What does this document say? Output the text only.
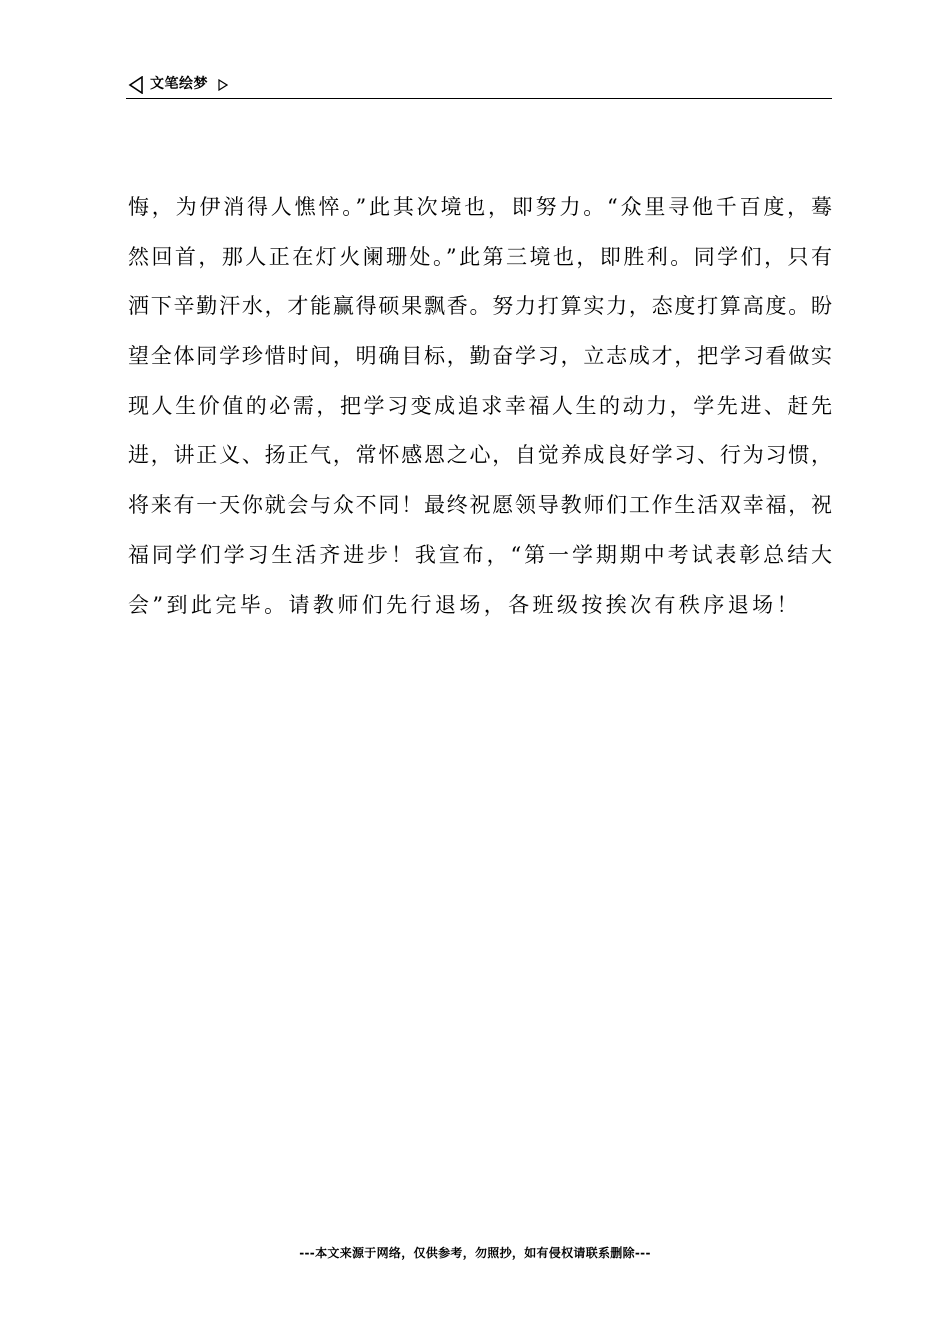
文笔绘梦
悔，为伊消得人憔悴。”此其次境也，即努力。“众里寻他千百度，蓦
然回首，那人正在灯火阑珊处。”此第三境也，即胜利。同学们，只有
洒下辛勤汗水，才能赢得硕果飘香。努力打算实力，态度打算高度。盼
望全体同学珍惜时间，明确目标，勤奋学习，立志成才，把学习看做实
现人生价值的必需，把学习变成追求幸福人生的动力，学先进、赶先
进，讲正义、扬正气，常怀感恩之心，自觉养成良好学习、行为习惯，
将来有一天你就会与众不同！最终祝愿领导教师们工作生活双幸福，祝
福同学们学习生活齐进步！我宣布，“第一学期期中考试表彰总结大
会”到此完毕。请教师们先行退场，各班级按挨次有秩序退场！
---本文来源于网络，仅供参考，勿照抄，如有侵权请联系删除---
